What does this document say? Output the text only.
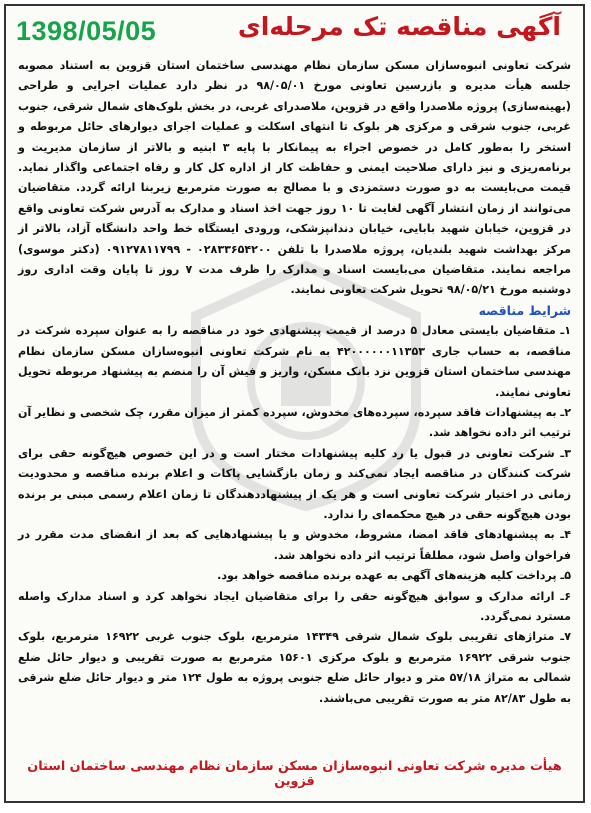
1398/05/05	آگهی مناقصه تک مرحله‌ای

شرکت تعاونی انبوه‌سازان مسکن سازمان نظام مهندسی ساختمان استان قزوین به استناد مصوبه جلسه هیأت مدیره و بازرسین تعاونی مورخ ۹۸/۰۵/۰۱ در نظر دارد عملیات اجرایی و طراحی (بهینه‌سازی) پروژه ملاصدرا واقع در قزوین، ملاصدرای غربی، در بخش بلوک‌های شمال شرقی، جنوب غربی، جنوب شرقی و مرکزی هر بلوک تا انتهای اسکلت و عملیات اجرای دیوارهای حائل مربوطه و استخر را به‌طور کامل در خصوص اجراء به پیمانکار با پایه ۳ ابنیه و بالاتر از سازمان مدیریت و برنامه‌ریزی و نیز دارای صلاحیت ایمنی و حفاظت کار از اداره کل کار و رفاه اجتماعی واگذار نماید. قیمت می‌بایست به دو صورت دستمزدی و با مصالح به صورت مترمربع زیربنا ارائه گردد. متقاضیان می‌توانند از زمان انتشار آگهی لغایت تا ۱۰ روز جهت اخذ اسناد و مدارک به آدرس شرکت تعاونی واقع در قزوین، خیابان شهید بابایی، خیابان دندانپزشکی، ورودی ایستگاه خط واحد دانشگاه آزاد، بالاتر از مرکز بهداشت شهید بلندیان، پروژه ملاصدرا با تلفن ۰۲۸۳۳۶۵۴۲۰۰ - ۰۹۱۲۷۸۱۱۷۹۹ (دکتر موسوی) مراجعه نمایند. متقاضیان می‌بایست اسناد و مدارک را ظرف مدت ۷ روز تا پایان وقت اداری روز دوشنبه مورخ ۹۸/۰۵/۲۱ تحویل شرکت تعاونی نمایند.

شرایط مناقصه

۱ـ متقاضیان بایستی معادل ۵ درصد از قیمت پیشنهادی خود در مناقصه را به عنوان سپرده شرکت در مناقصه، به حساب جاری ۴۲۰۰۰۰۰۰۱۱۳۵۳ به نام شرکت تعاونی انبوه‌سازان مسکن سازمان نظام مهندسی ساختمان استان قزوین نزد بانک مسکن، واریز و فیش آن را منضم به پیشنهاد مربوطه تحویل تعاونی نمایند.

۲ـ به پیشنهادات فاقد سپرده، سپرده‌های مخدوش، سپرده کمتر از میزان مقرر، چک شخصی و نظایر آن ترتیب اثر داده نخواهد شد.

۳ـ شرکت تعاونی در قبول یا رد کلیه پیشنهادات مختار است و در این خصوص هیچ‌گونه حقی برای شرکت کنندگان در مناقصه ایجاد نمی‌کند و زمان بازگشایی پاکات و اعلام برنده مناقصه و محدودیت زمانی در اختیار شرکت تعاونی است و هر یک از پیشنهاددهندگان تا زمان اعلام رسمی مبنی بر برنده بودن هیچ‌گونه حقی در هیچ محکمه‌ای را ندارد.

۴ـ به پیشنهادهای فاقد امضا، مشروط، مخدوش و یا پیشنهادهایی که بعد از انقضای مدت مقرر در فراخوان واصل شود، مطلقاً ترتیب اثر داده نخواهد شد.

۵ـ پرداخت کلیه هزینه‌های آگهی به عهده برنده مناقصه خواهد بود.

۶ـ ارائه مدارک و سوابق هیچ‌گونه حقی را برای متقاضیان ایجاد نخواهد کرد و اسناد مدارک واصله مسترد نمی‌گردد.

۷ـ متراژهای تقریبی بلوک شمال شرقی ۱۴۳۴۹ مترمربع، بلوک جنوب غربی ۱۶۹۲۲ مترمربع، بلوک جنوب شرقی ۱۶۹۲۲ مترمربع و بلوک مرکزی ۱۵۶۰۱ مترمربع به صورت تقریبی و دیوار حائل ضلع شمالی به متراژ ۵۷/۱۸ متر و دیوار حائل ضلع جنوبی پروژه به طول ۱۲۴ متر و دیوار حائل ضلع شرقی به طول ۸۲/۸۳ متر به صورت تقریبی می‌باشند.

هیأت مدیره شرکت تعاونی انبوه‌سازان مسکن سازمان نظام مهندسی ساختمان استان قزوین
